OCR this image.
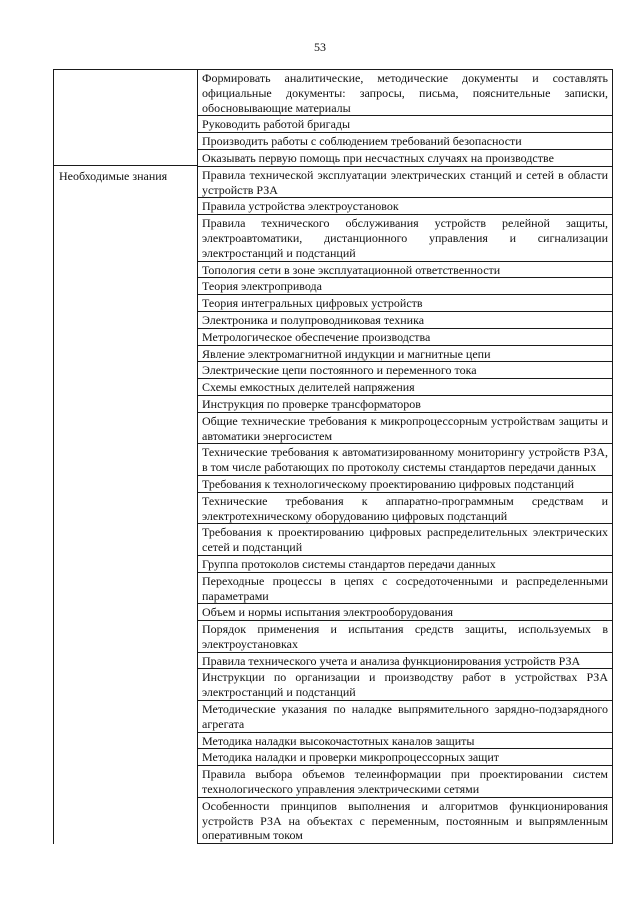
53
Необходимые знания
Формировать аналитические, методические документы и составлять официальные документы: запросы, письма, пояснительные записки, обосновывающие материалы
Руководить работой бригады
Производить работы с соблюдением требований безопасности
Оказывать первую помощь при несчастных случаях на производстве
Правила технической эксплуатации электрических станций и сетей в области устройств РЗА
Правила устройства электроустановок
Правила технического обслуживания устройств релейной защиты, электроавтоматики, дистанционного управления и сигнализации электростанций и подстанций
Топология сети в зоне эксплуатационной ответственности
Теория электропривода
Теория интегральных цифровых устройств
Электроника и полупроводниковая техника
Метрологическое обеспечение производства
Явление электромагнитной индукции и магнитные цепи
Электрические цепи постоянного и переменного тока
Схемы емкостных делителей напряжения
Инструкция по проверке трансформаторов
Общие технические требования к микропроцессорным устройствам защиты и автоматики энергосистем
Технические требования к автоматизированному мониторингу устройств РЗА, в том числе работающих по протоколу системы стандартов передачи данных
Требования к технологическому проектированию цифровых подстанций
Технические требования к аппаратно-программным средствам и электротехническому оборудованию цифровых подстанций
Требования к проектированию цифровых распределительных электрических сетей и подстанций
Группа протоколов системы стандартов передачи данных
Переходные процессы в цепях с сосредоточенными и распределенными параметрами
Объем и нормы испытания электрооборудования
Порядок применения и испытания средств защиты, используемых в электроустановках
Правила технического учета и анализа функционирования устройств РЗА
Инструкции по организации и производству работ в устройствах РЗА электростанций и подстанций
Методические указания по наладке выпрямительного зарядно-подзарядного агрегата
Методика наладки высокочастотных каналов защиты
Методика наладки и проверки микропроцессорных защит
Правила выбора объемов телеинформации при проектировании систем технологического управления электрическими сетями
Особенности принципов выполнения и алгоритмов функционирования устройств РЗА на объектах с переменным, постоянным и выпрямленным оперативным током
